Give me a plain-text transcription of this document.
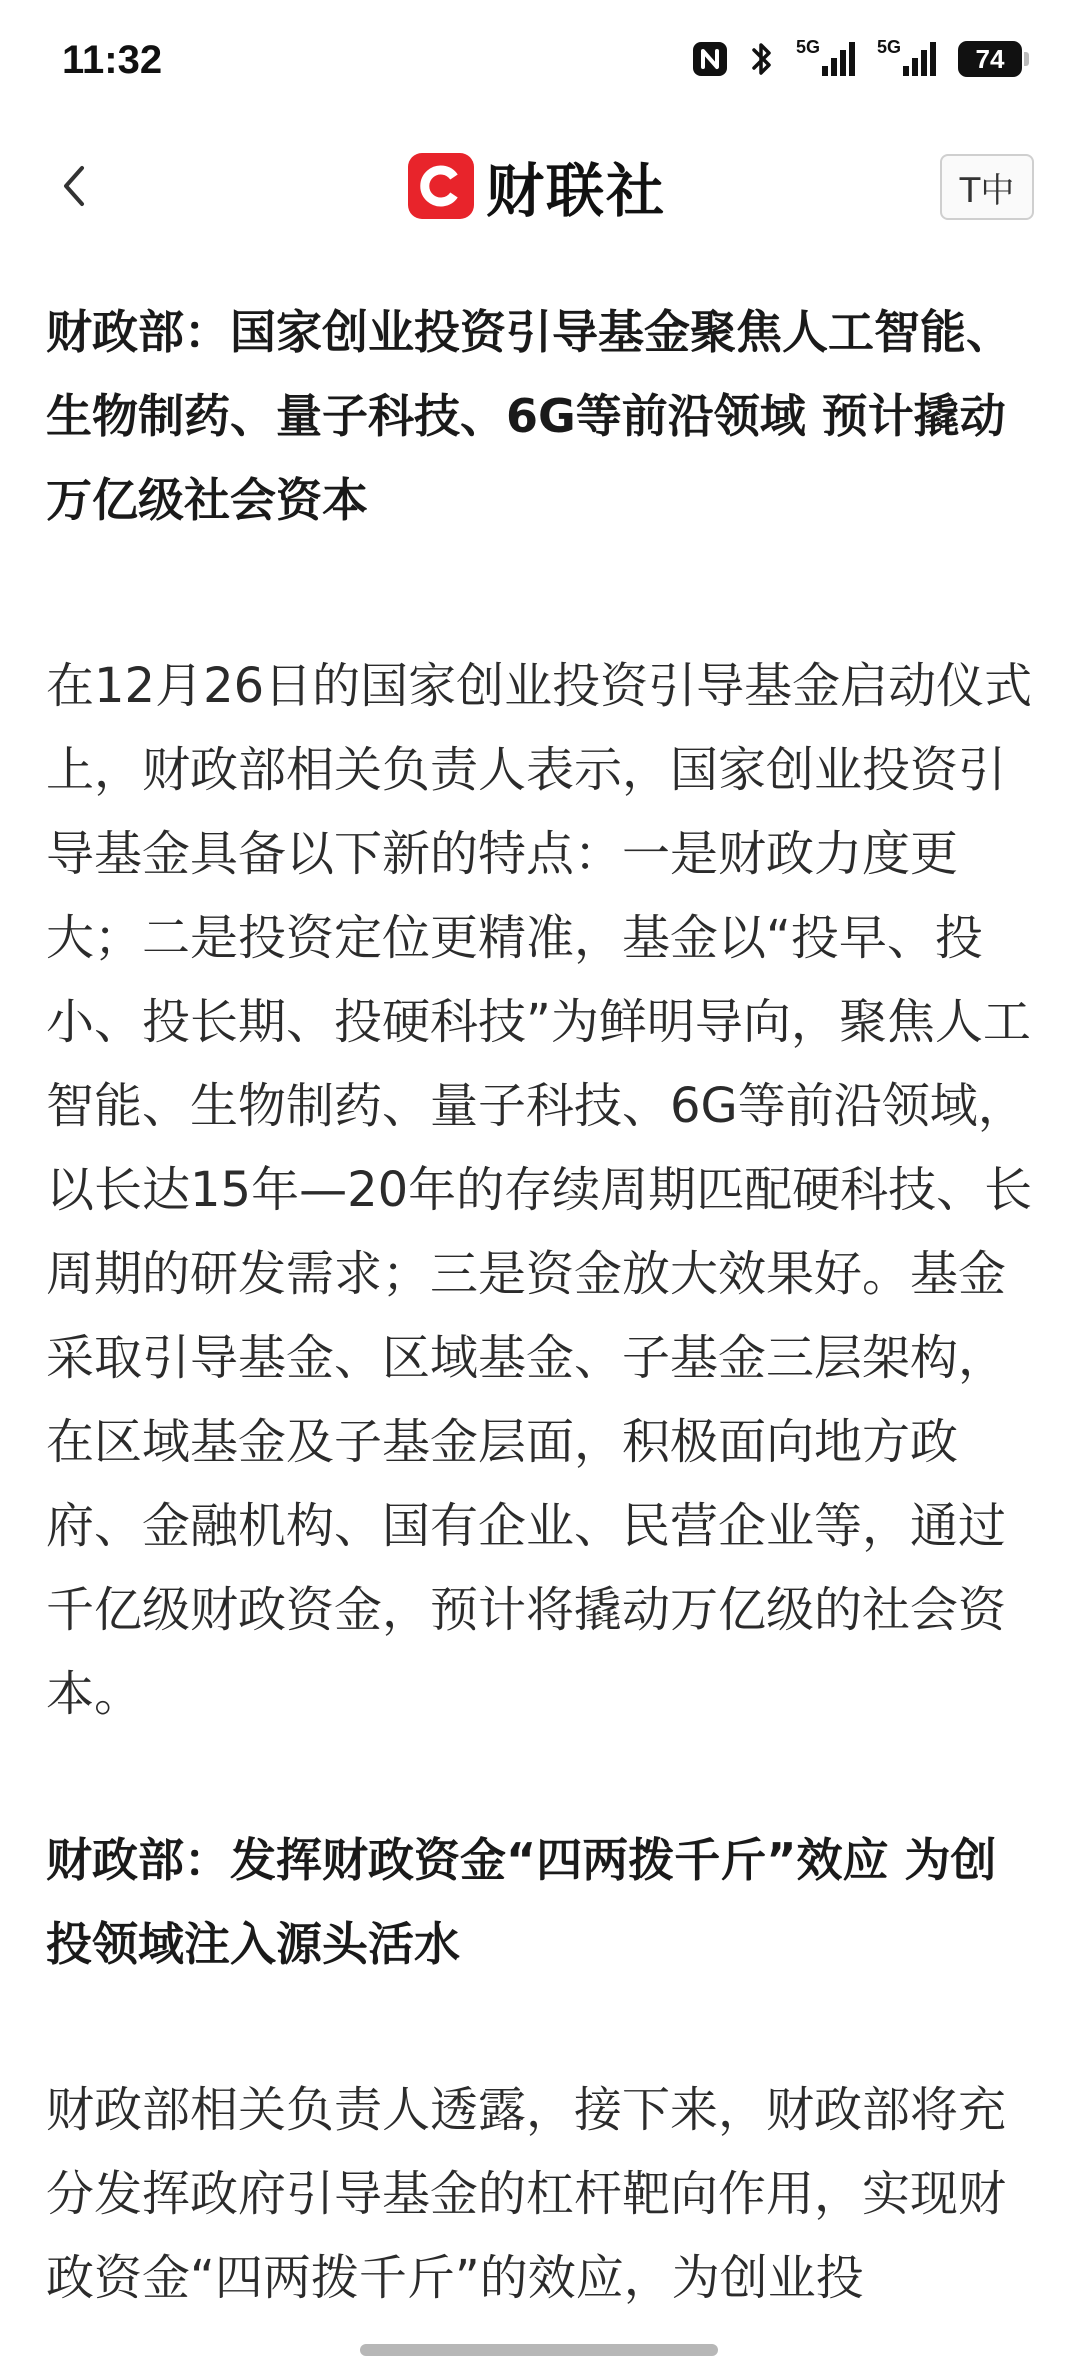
11:32	5G	5G	74
财联社	T中
财政部：国家创业投资引导基金聚焦人工智能、生物制药、量子科技、6G等前沿领域 预计撬动万亿级社会资本

在12月26日的国家创业投资引导基金启动仪式上，财政部相关负责人表示，国家创业投资引导基金具备以下新的特点：一是财政力度更大；二是投资定位更精准，基金以“投早、投小、投长期、投硬科技”为鲜明导向，聚焦人工智能、生物制药、量子科技、6G等前沿领域，以长达15年—20年的存续周期匹配硬科技、长周期的研发需求；三是资金放大效果好。基金采取引导基金、区域基金、子基金三层架构，在区域基金及子基金层面，积极面向地方政府、金融机构、国有企业、民营企业等，通过千亿级财政资金，预计将撬动万亿级的社会资本。

财政部：发挥财政资金“四两拨千斤”效应 为创投领域注入源头活水

财政部相关负责人透露，接下来，财政部将充分发挥政府引导基金的杠杆靶向作用，实现财政资金“四两拨千斤”的效应，为创业投
